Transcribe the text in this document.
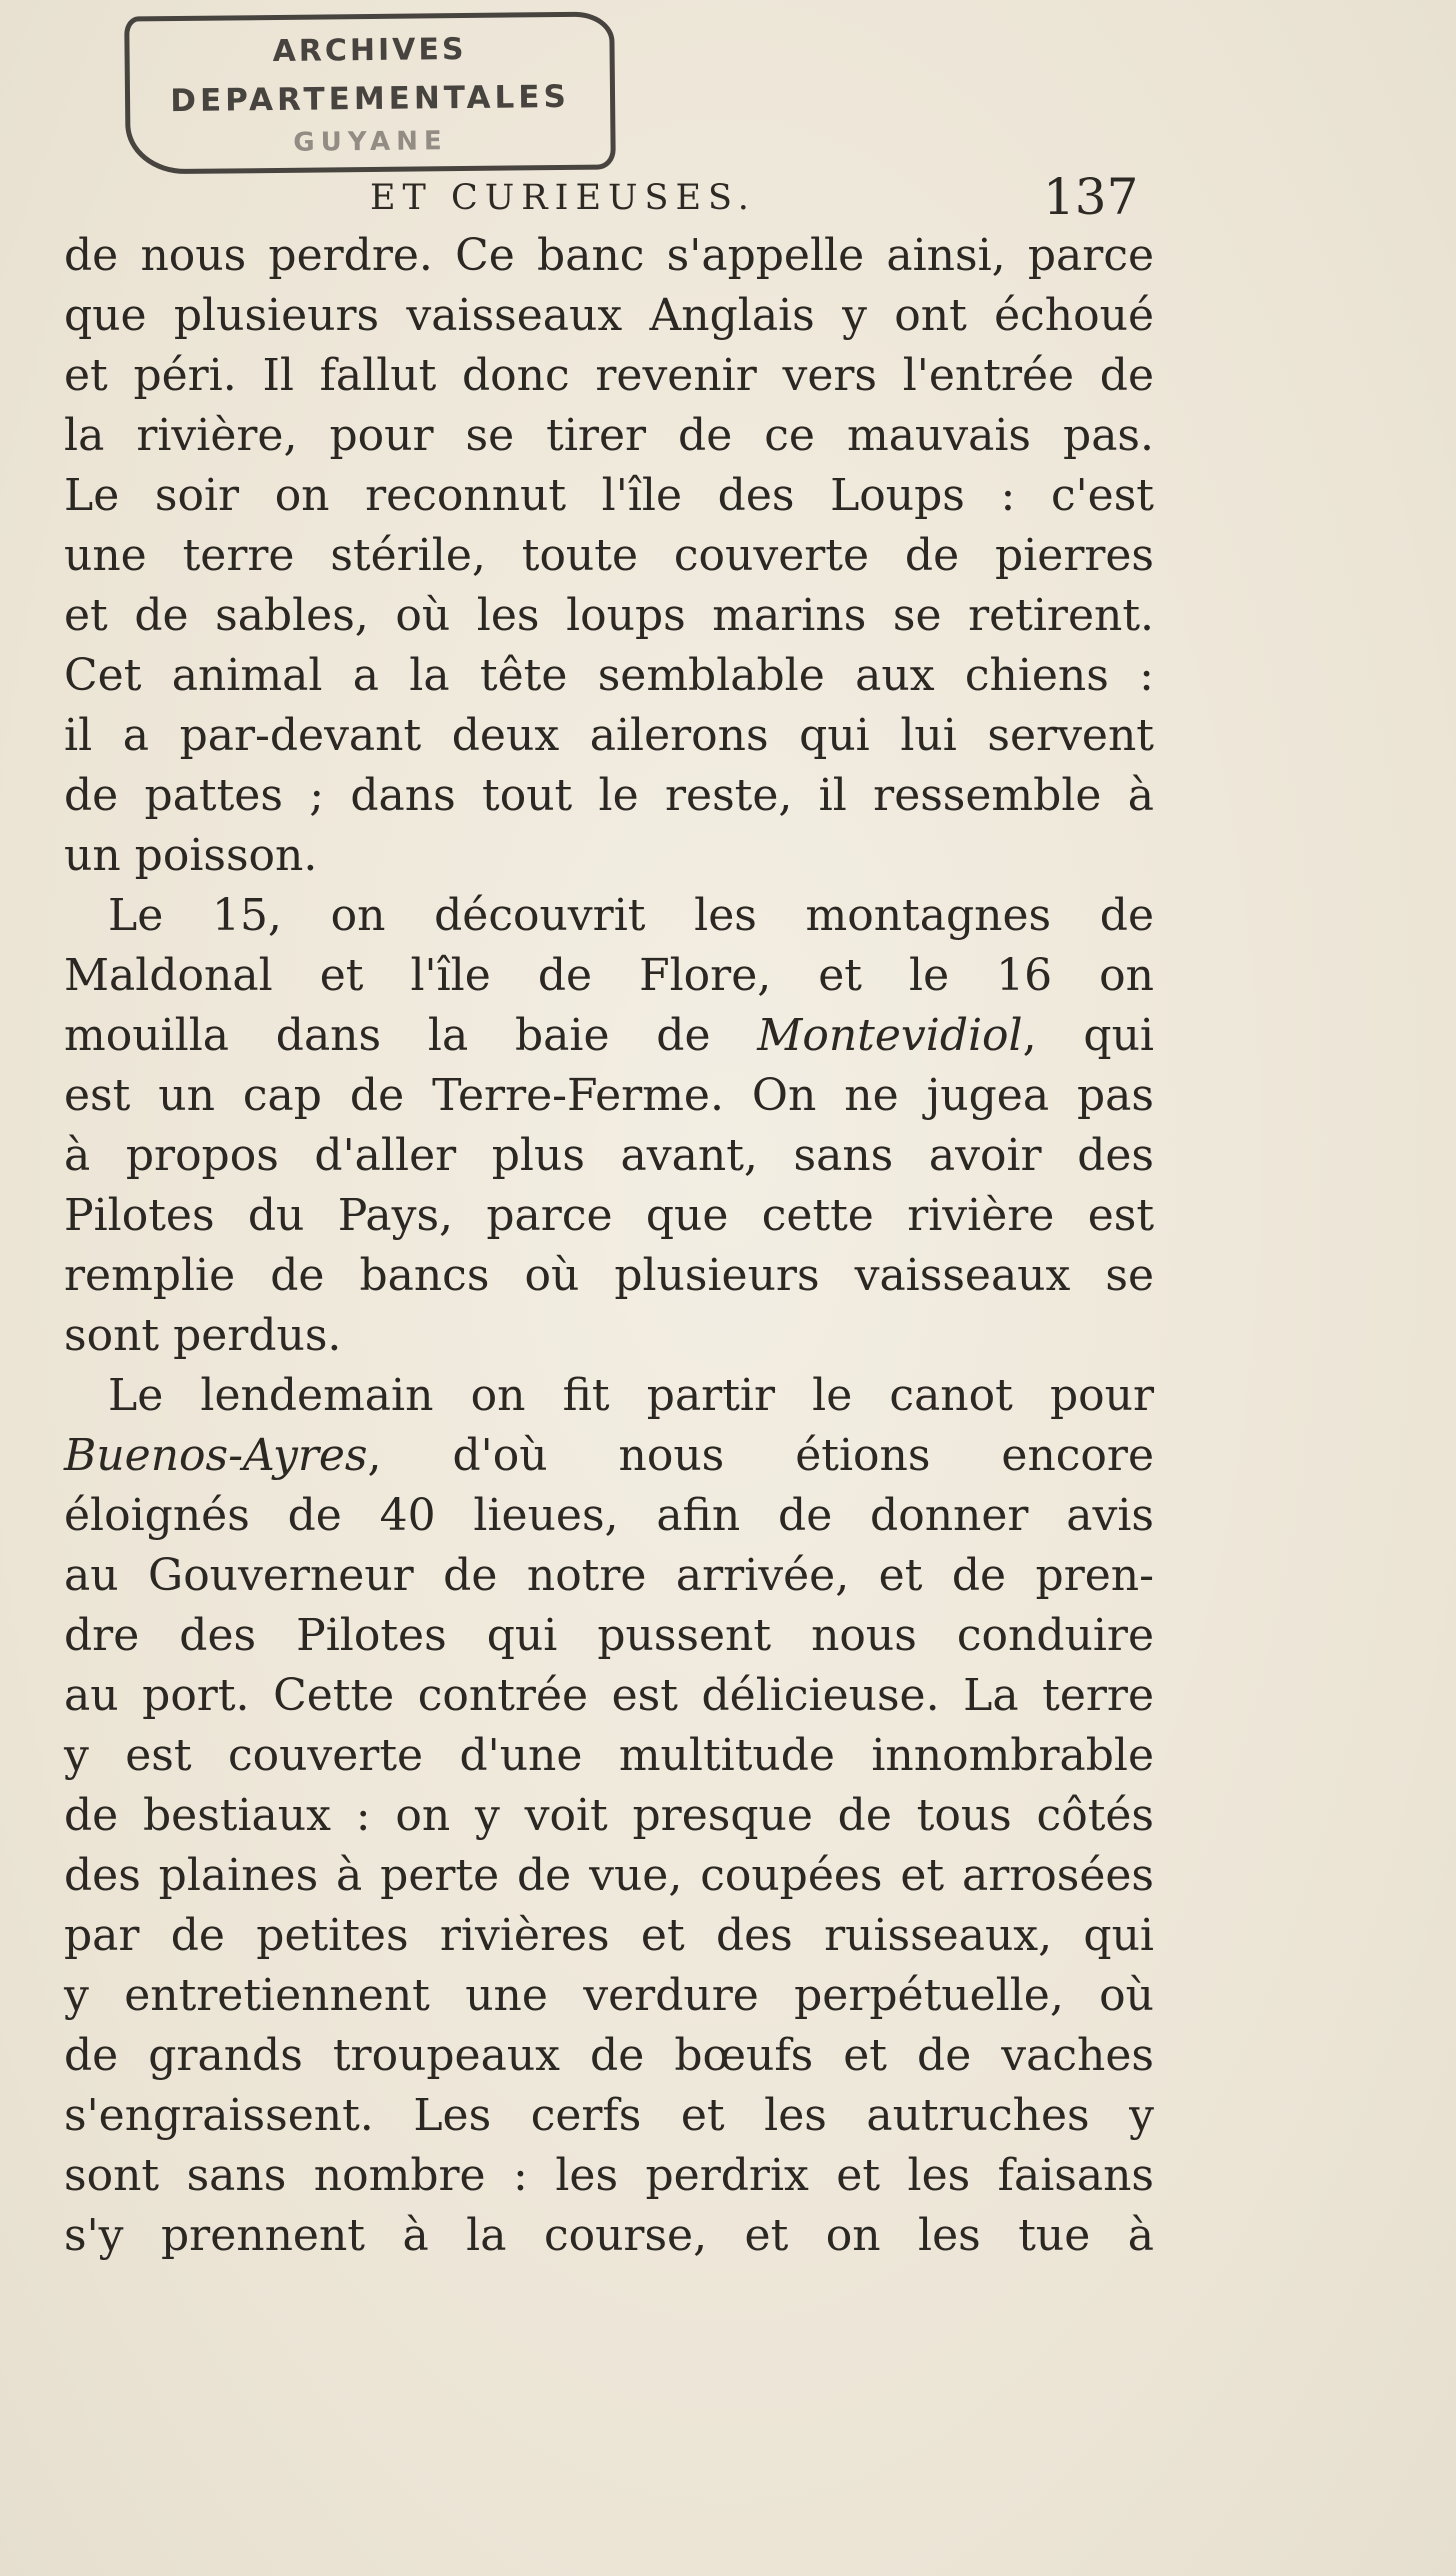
ARCHIVES
DEPARTEMENTALES
GUYANE
ET CURIEUSES.	137
de nous perdre. Ce banc s'appelle ainsi, parce
que plusieurs vaisseaux Anglais y ont échoué
et péri. Il fallut donc revenir vers l'entrée de
la rivière, pour se tirer de ce mauvais pas.
Le soir on reconnut l'île des Loups : c'est
une terre stérile, toute couverte de pierres
et de sables, où les loups marins se retirent.
Cet animal a la tête semblable aux chiens :
il a par-devant deux ailerons qui lui servent
de pattes ; dans tout le reste, il ressemble à
un poisson.
Le 15, on découvrit les montagnes de
Maldonal et l'île de Flore, et le 16 on
mouilla dans la baie de Montevidiol, qui
est un cap de Terre-Ferme. On ne jugea pas
à propos d'aller plus avant, sans avoir des
Pilotes du Pays, parce que cette rivière est
remplie de bancs où plusieurs vaisseaux se
sont perdus.
Le lendemain on fit partir le canot pour
Buenos-Ayres, d'où nous étions encore
éloignés de 40 lieues, afin de donner avis
au Gouverneur de notre arrivée, et de pren-
dre des Pilotes qui pussent nous conduire
au port. Cette contrée est délicieuse. La terre
y est couverte d'une multitude innombrable
de bestiaux : on y voit presque de tous côtés
des plaines à perte de vue, coupées et arrosées
par de petites rivières et des ruisseaux, qui
y entretiennent une verdure perpétuelle, où
de grands troupeaux de bœufs et de vaches
s'engraissent. Les cerfs et les autruches y
sont sans nombre : les perdrix et les faisans
s'y prennent à la course, et on les tue à
